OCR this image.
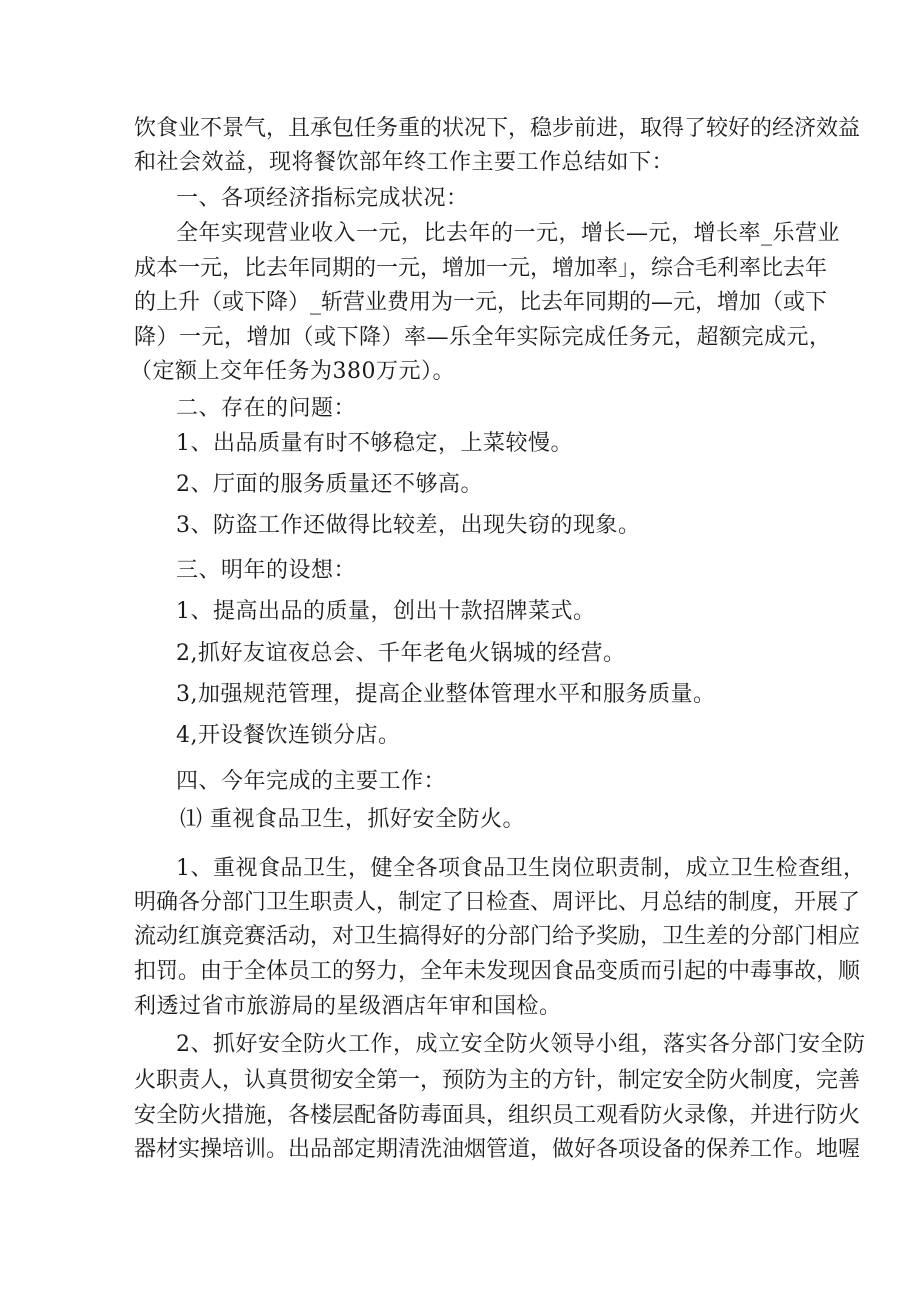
饮食业不景气，且承包任务重的状况下，稳步前进，取得了较好的经济效益
和社会效益，现将餐饮部年终工作主要工作总结如下：
一、各项经济指标完成状况：
全年实现营业收入一元，比去年的一元，增长—元，增长率_乐营业
成本一元，比去年同期的一元，增加一元，增加率」，综合毛利率比去年
的上升（或下降）_斩营业费用为一元，比去年同期的—元，增加（或下
降）一元，增加（或下降）率—乐全年实际完成任务元，超额完成元，
（定额上交年任务为380万元）。
二、存在的问题：
1、出品质量有时不够稳定，上菜较慢。
2、厅面的服务质量还不够高。
3、防盗工作还做得比较差，出现失窃的现象。
三、明年的设想：
1、提高出品的质量，创出十款招牌菜式。
2,抓好友谊夜总会、千年老龟火锅城的经营。
3,加强规范管理，提高企业整体管理水平和服务质量。
4,开设餐饮连锁分店。
四、今年完成的主要工作：
⑴ 重视食品卫生，抓好安全防火。
1、重视食品卫生，健全各项食品卫生岗位职责制，成立卫生检查组，
明确各分部门卫生职责人，制定了日检查、周评比、月总结的制度，开展了
流动红旗竞赛活动，对卫生搞得好的分部门给予奖励，卫生差的分部门相应
扣罚。由于全体员工的努力，全年未发现因食品变质而引起的中毒事故，顺
利透过省市旅游局的星级酒店年审和国检。
2、抓好安全防火工作，成立安全防火领导小组，落实各分部门安全防
火职责人，认真贯彻安全第一，预防为主的方针，制定安全防火制度，完善
安全防火措施，各楼层配备防毒面具，组织员工观看防火录像，并进行防火
器材实操培训。出品部定期清洗油烟管道，做好各项设备的保养工作。地喔
